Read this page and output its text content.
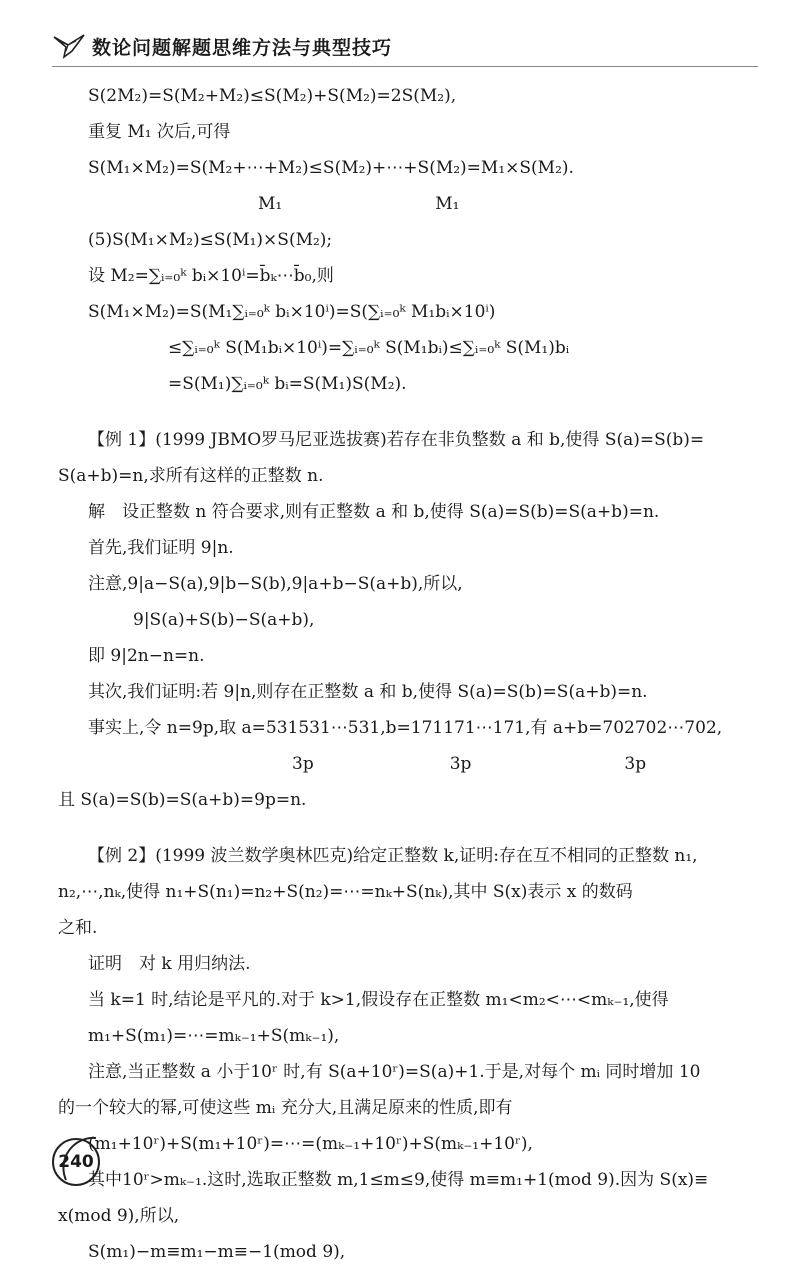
数论问题解题思维方法与典型技巧
S(2M₂)=S(M₂+M₂)≤S(M₂)+S(M₂)=2S(M₂),
重复 M₁ 次后,可得
S(M₁×M₂)=S(M₂+⋯+M₂)≤S(M₂)+⋯+S(M₂)=M₁×S(M₂).
　　　　　　　　　　M₁　　　　　　　　　M₁
(5)S(M₁×M₂)≤S(M₁)×S(M₂);
设 M₂=∑ᵢ₌₀ᵏ bᵢ×10ⁱ=b̄ₖ⋯b̄₀,则
S(M₁×M₂)=S(M₁∑ᵢ₌₀ᵏ bᵢ×10ⁱ)=S(∑ᵢ₌₀ᵏ M₁bᵢ×10ⁱ)
≤∑ᵢ₌₀ᵏ S(M₁bᵢ×10ⁱ)=∑ᵢ₌₀ᵏ S(M₁bᵢ)≤∑ᵢ₌₀ᵏ S(M₁)bᵢ
=S(M₁)∑ᵢ₌₀ᵏ bᵢ=S(M₁)S(M₂).
【例 1】(1999 JBMO罗马尼亚选拔赛)若存在非负整数 a 和 b,使得 S(a)=S(b)=
S(a+b)=n,求所有这样的正整数 n.
解　设正整数 n 符合要求,则有正整数 a 和 b,使得 S(a)=S(b)=S(a+b)=n.
首先,我们证明 9|n.
注意,9|a−S(a),9|b−S(b),9|a+b−S(a+b),所以,
9|S(a)+S(b)−S(a+b),
即 9|2n−n=n.
其次,我们证明:若 9|n,则存在正整数 a 和 b,使得 S(a)=S(b)=S(a+b)=n.
事实上,令 n=9p,取 a=531531⋯531,b=171171⋯171,有 a+b=702702⋯702,
　　　　　　　　　　　　3p　　　　　　　　3p　　　　　　　　　3p
且 S(a)=S(b)=S(a+b)=9p=n.
【例 2】(1999 波兰数学奥林匹克)给定正整数 k,证明:存在互不相同的正整数 n₁,
n₂,⋯,nₖ,使得 n₁+S(n₁)=n₂+S(n₂)=⋯=nₖ+S(nₖ),其中 S(x)表示 x 的数码
之和.
证明　对 k 用归纳法.
当 k=1 时,结论是平凡的.对于 k>1,假设存在正整数 m₁<m₂<⋯<mₖ₋₁,使得
m₁+S(m₁)=⋯=mₖ₋₁+S(mₖ₋₁),
注意,当正整数 a 小于10ʳ 时,有 S(a+10ʳ)=S(a)+1.于是,对每个 mᵢ 同时增加 10
的一个较大的幂,可使这些 mᵢ 充分大,且满足原来的性质,即有
(m₁+10ʳ)+S(m₁+10ʳ)=⋯=(mₖ₋₁+10ʳ)+S(mₖ₋₁+10ʳ),
其中10ʳ>mₖ₋₁.这时,选取正整数 m,1≤m≤9,使得 m≡m₁+1(mod 9).因为 S(x)≡
x(mod 9),所以,
S(m₁)−m≡m₁−m≡−1(mod 9),
240
